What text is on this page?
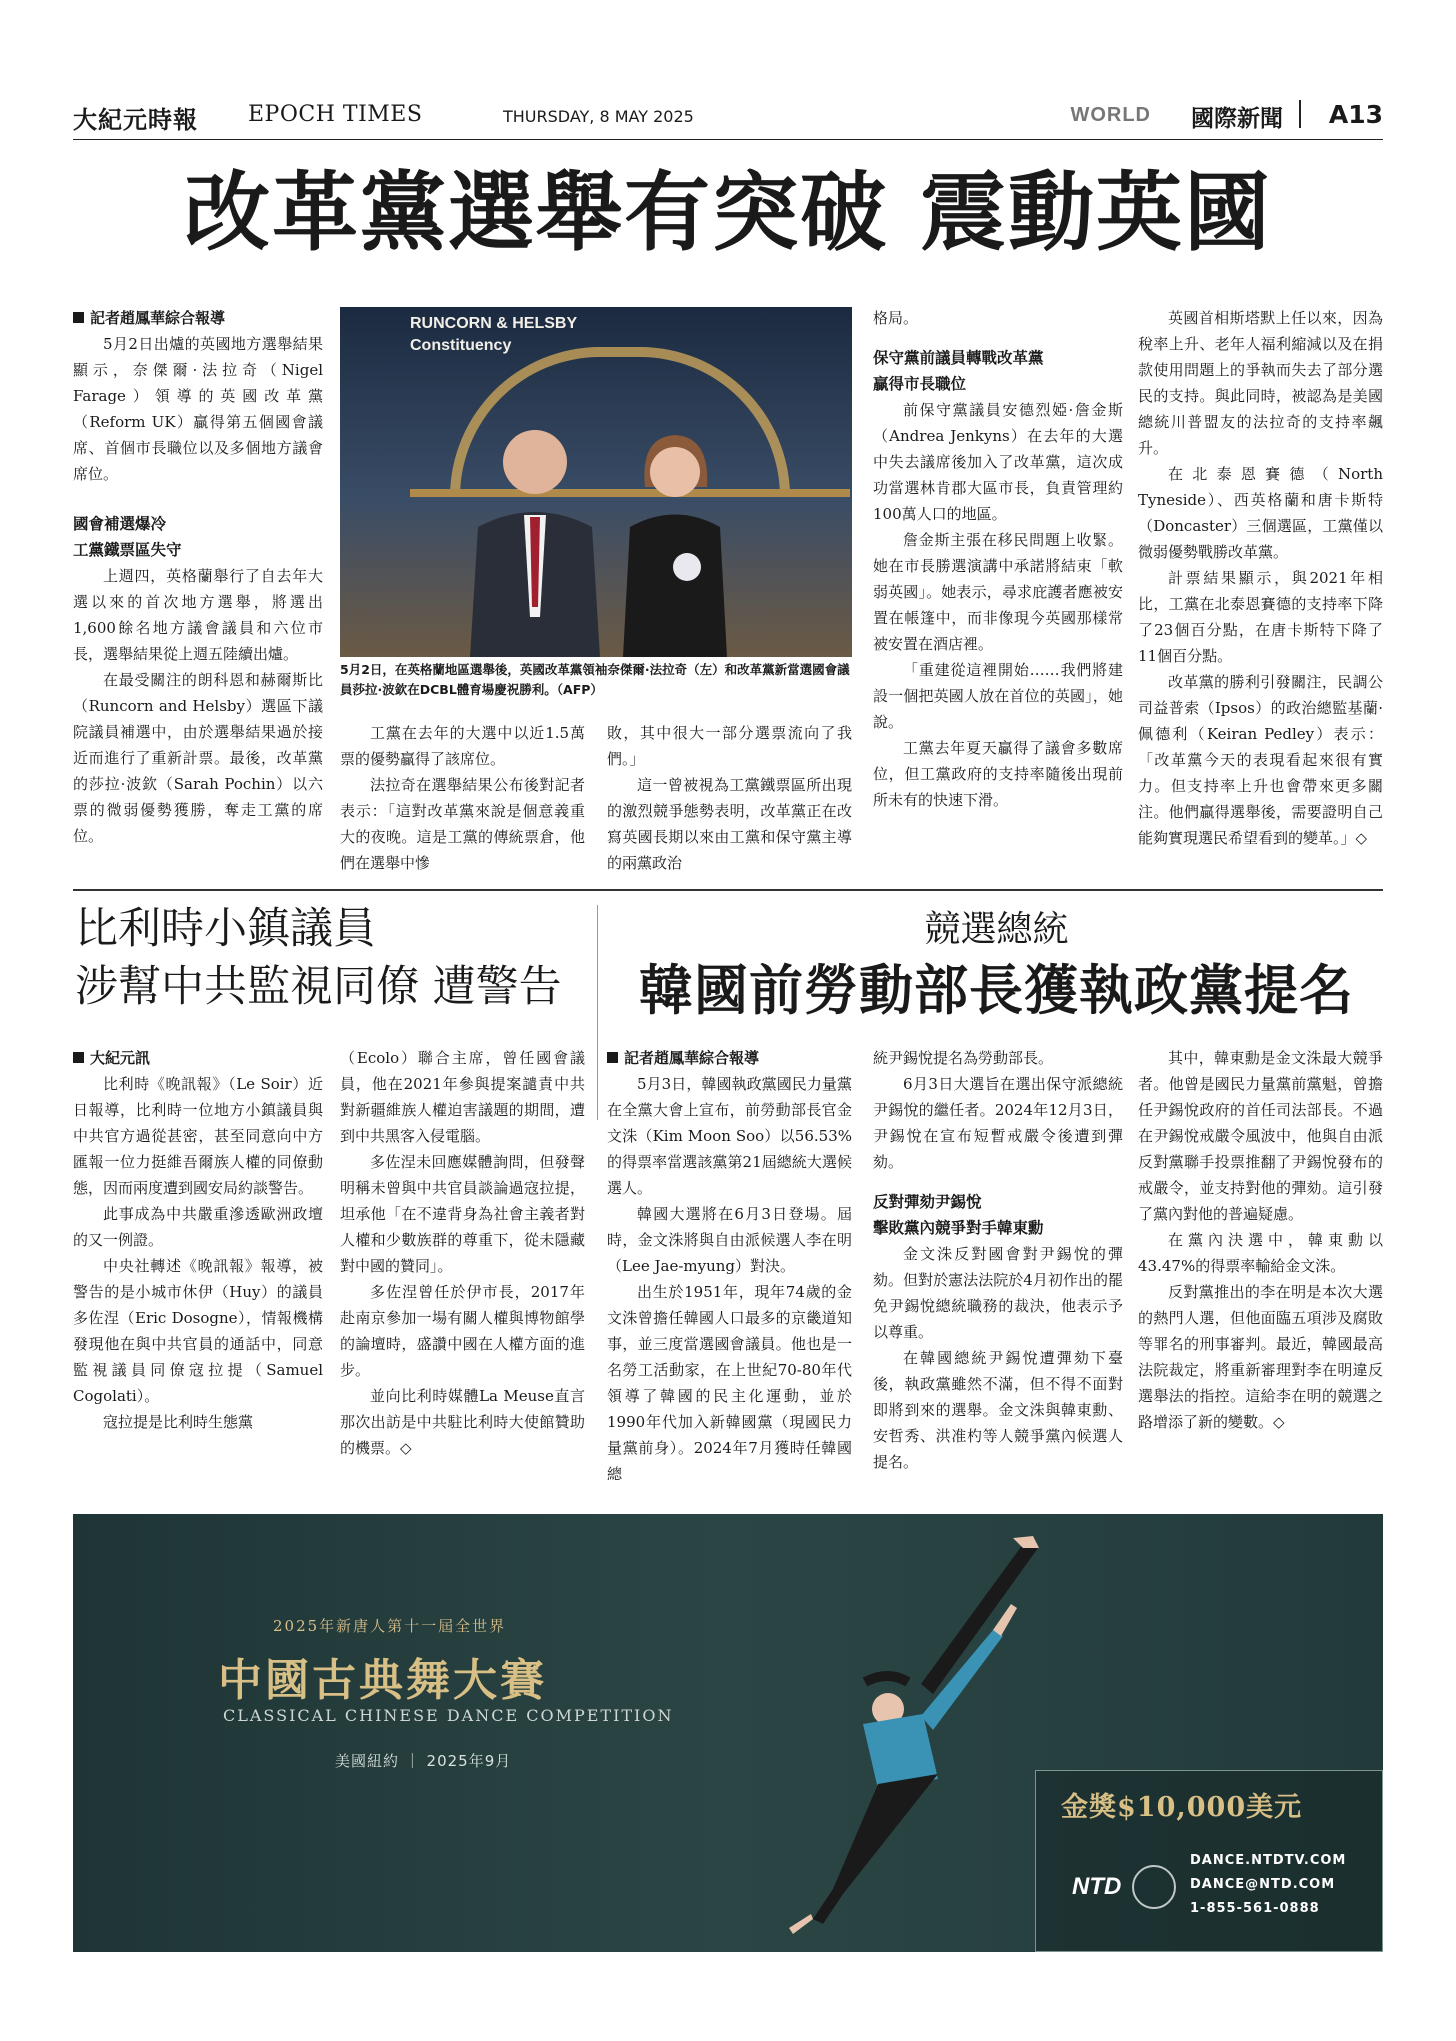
大紀元時報 EPOCH TIMES	THURSDAY, 8 MAY 2025	WORLD 國際新聞 A13
改革黨選舉有突破 震動英國
記者趙鳳華綜合報導

5月2日出爐的英國地方選舉結果顯示，奈傑爾·法拉奇（Nigel Farage）領導的英國改革黨（Reform UK）贏得第五個國會議席、首個市長職位以及多個地方議會席位。

國會補選爆冷
工黨鐵票區失守

上週四，英格蘭舉行了自去年大選以來的首次地方選舉，將選出1,600餘名地方議會議員和六位市長，選舉結果從上週五陸續出爐。

在最受關注的朗科恩和赫爾斯比（Runcorn and Helsby）選區下議院議員補選中，由於選舉結果過於接近而進行了重新計票。最後，改革黨的莎拉·波欽（Sarah Pochin）以六票的微弱優勢獲勝，奪走工黨的席位。

RUNCORN & HELSBY
Constituency
5月2日，在英格蘭地區選舉後，英國改革黨領袖奈傑爾·法拉奇（左）和改革黨新當選國會議員莎拉·波欽在DCBL體育場慶祝勝利。（AFP）

工黨在去年的大選中以近1.5萬票的優勢贏得了該席位。

法拉奇在選舉結果公布後對記者表示：「這對改革黨來說是個意義重大的夜晚。這是工黨的傳統票倉，他們在選舉中慘

敗，其中很大一部分選票流向了我們。」

這一曾被視為工黨鐵票區所出現的激烈競爭態勢表明，改革黨正在改寫英國長期以來由工黨和保守黨主導的兩黨政治

格局。

保守黨前議員轉戰改革黨
贏得市長職位

前保守黨議員安德烈婭·詹金斯（Andrea Jenkyns）在去年的大選中失去議席後加入了改革黨，這次成功當選林肯郡大區市長，負責管理約100萬人口的地區。

詹金斯主張在移民問題上收緊。她在市長勝選演講中承諾將結束「軟弱英國」。她表示，尋求庇護者應被安置在帳篷中，而非像現今英國那樣常被安置在酒店裡。

「重建從這裡開始……我們將建設一個把英國人放在首位的英國」，她說。

工黨去年夏天贏得了議會多數席位，但工黨政府的支持率隨後出現前所未有的快速下滑。

英國首相斯塔默上任以來，因為稅率上升、老年人福利縮減以及在捐款使用問題上的爭執而失去了部分選民的支持。與此同時，被認為是美國總統川普盟友的法拉奇的支持率飆升。

在北泰恩賽德（North Tyneside）、西英格蘭和唐卡斯特（Doncaster）三個選區，工黨僅以微弱優勢戰勝改革黨。

計票結果顯示，與2021年相比，工黨在北泰恩賽德的支持率下降了23個百分點，在唐卡斯特下降了11個百分點。

改革黨的勝利引發關注，民調公司益普索（Ipsos）的政治總監基蘭·佩德利（Keiran Pedley）表示：「改革黨今天的表現看起來很有實力。但支持率上升也會帶來更多關注。他們贏得選舉後，需要證明自己能夠實現選民希望看到的變革。」◇

比利時小鎮議員
涉幫中共監視同僚 遭警告
大紀元訊

比利時《晚訊報》（Le Soir）近日報導，比利時一位地方小鎮議員與中共官方過從甚密，甚至同意向中方匯報一位力挺維吾爾族人權的同僚動態，因而兩度遭到國安局約談警告。

此事成為中共嚴重滲透歐洲政壇的又一例證。

中央社轉述《晚訊報》報導，被警告的是小城市休伊（Huy）的議員多佐涅（Eric Dosogne），情報機構發現他在與中共官員的通話中，同意監視議員同僚寇拉提（Samuel Cogolati）。

寇拉提是比利時生態黨

（Ecolo）聯合主席，曾任國會議員，他在2021年參與提案譴責中共對新疆維族人權迫害議題的期間，遭到中共黑客入侵電腦。

多佐涅未回應媒體詢問，但發聲明稱未曾與中共官員談論過寇拉提，坦承他「在不違背身為社會主義者對人權和少數族群的尊重下，從未隱藏對中國的贊同」。

多佐涅曾任於伊市長，2017年赴南京參加一場有關人權與博物館學的論壇時，盛讚中國在人權方面的進步。

並向比利時媒體La Meuse直言那次出訪是中共駐比利時大使館贊助的機票。◇

競選總統
韓國前勞動部長獲執政黨提名
記者趙鳳華綜合報導

5月3日，韓國執政黨國民力量黨在全黨大會上宣布，前勞動部長官金文洙（Kim Moon Soo）以56.53%的得票率當選該黨第21屆總統大選候選人。

韓國大選將在6月3日登場。屆時，金文洙將與自由派候選人李在明（Lee Jae-myung）對決。

出生於1951年，現年74歲的金文洙曾擔任韓國人口最多的京畿道知事，並三度當選國會議員。他也是一名勞工活動家，在上世紀70-80年代領導了韓國的民主化運動，並於1990年代加入新韓國黨（現國民力量黨前身）。2024年7月獲時任韓國總

統尹錫悅提名為勞動部長。

6月3日大選旨在選出保守派總統尹錫悅的繼任者。2024年12月3日，尹錫悅在宣布短暫戒嚴令後遭到彈劾。

反對彈劾尹錫悅
擊敗黨內競爭對手韓東勳

金文洙反對國會對尹錫悅的彈劾。但對於憲法法院於4月初作出的罷免尹錫悅總統職務的裁決，他表示予以尊重。

在韓國總統尹錫悅遭彈劾下臺後，執政黨雖然不滿，但不得不面對即將到來的選舉。金文洙與韓東勳、安哲秀、洪准杓等人競爭黨內候選人提名。

其中，韓東勳是金文洙最大競爭者。他曾是國民力量黨前黨魁，曾擔任尹錫悅政府的首任司法部長。不過在尹錫悅戒嚴令風波中，他與自由派反對黨聯手投票推翻了尹錫悅發布的戒嚴令，並支持對他的彈劾。這引發了黨內對他的普遍疑慮。

在黨內決選中，韓東勳以43.47%的得票率輸給金文洙。

反對黨推出的李在明是本次大選的熱門人選，但他面臨五項涉及腐敗等罪名的刑事審判。最近，韓國最高法院裁定，將重新審理對李在明違反選舉法的指控。這給李在明的競選之路增添了新的變數。◇

2025年新唐人第十一屆全世界
中國古典舞大賽
CLASSICAL CHINESE DANCE COMPETITION
美國紐約 ｜ 2025年9月
金獎$10,000美元
NTD
DANCE.NTDTV.COM
DANCE@NTD.COM
1-855-561-0888
